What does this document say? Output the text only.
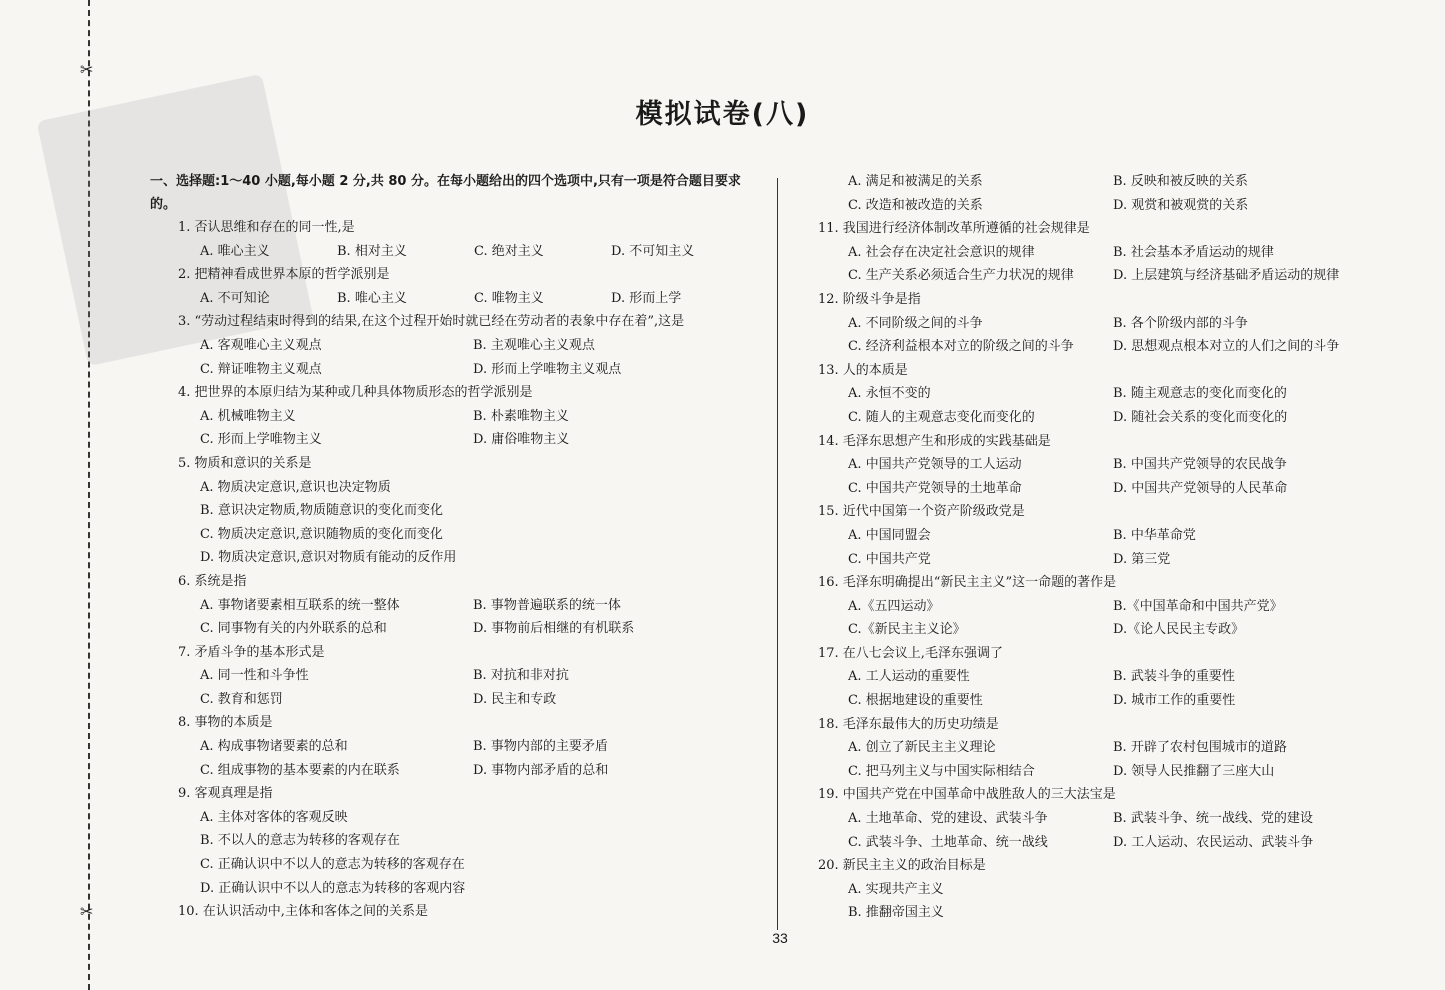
✂
✂
模拟试卷(八)
一、选择题:1～40 小题,每小题 2 分,共 80 分。在每小题给出的四个选项中,只有一项是符合题目要求的。
1. 否认思维和存在的同一性,是
A. 唯心主义	B. 相对主义	C. 绝对主义	D. 不可知主义
2. 把精神看成世界本原的哲学派别是
A. 不可知论	B. 唯心主义	C. 唯物主义	D. 形而上学
3. “劳动过程结束时得到的结果,在这个过程开始时就已经在劳动者的表象中存在着”,这是
A. 客观唯心主义观点	B. 主观唯心主义观点
C. 辩证唯物主义观点	D. 形而上学唯物主义观点
4. 把世界的本原归结为某种或几种具体物质形态的哲学派别是
A. 机械唯物主义	B. 朴素唯物主义
C. 形而上学唯物主义	D. 庸俗唯物主义
5. 物质和意识的关系是
A. 物质决定意识,意识也决定物质
B. 意识决定物质,物质随意识的变化而变化
C. 物质决定意识,意识随物质的变化而变化
D. 物质决定意识,意识对物质有能动的反作用
6. 系统是指
A. 事物诸要素相互联系的统一整体	B. 事物普遍联系的统一体
C. 同事物有关的内外联系的总和	D. 事物前后相继的有机联系
7. 矛盾斗争的基本形式是
A. 同一性和斗争性	B. 对抗和非对抗
C. 教育和惩罚	D. 民主和专政
8. 事物的本质是
A. 构成事物诸要素的总和	B. 事物内部的主要矛盾
C. 组成事物的基本要素的内在联系	D. 事物内部矛盾的总和
9. 客观真理是指
A. 主体对客体的客观反映
B. 不以人的意志为转移的客观存在
C. 正确认识中不以人的意志为转移的客观存在
D. 正确认识中不以人的意志为转移的客观内容
10. 在认识活动中,主体和客体之间的关系是
A. 满足和被满足的关系	B. 反映和被反映的关系
C. 改造和被改造的关系	D. 观赏和被观赏的关系
11. 我国进行经济体制改革所遵循的社会规律是
A. 社会存在决定社会意识的规律	B. 社会基本矛盾运动的规律
C. 生产关系必须适合生产力状况的规律	D. 上层建筑与经济基础矛盾运动的规律
12. 阶级斗争是指
A. 不同阶级之间的斗争	B. 各个阶级内部的斗争
C. 经济利益根本对立的阶级之间的斗争	D. 思想观点根本对立的人们之间的斗争
13. 人的本质是
A. 永恒不变的	B. 随主观意志的变化而变化的
C. 随人的主观意志变化而变化的	D. 随社会关系的变化而变化的
14. 毛泽东思想产生和形成的实践基础是
A. 中国共产党领导的工人运动	B. 中国共产党领导的农民战争
C. 中国共产党领导的土地革命	D. 中国共产党领导的人民革命
15. 近代中国第一个资产阶级政党是
A. 中国同盟会	B. 中华革命党
C. 中国共产党	D. 第三党
16. 毛泽东明确提出“新民主主义”这一命题的著作是
A.《五四运动》	B.《中国革命和中国共产党》
C.《新民主主义论》	D.《论人民民主专政》
17. 在八七会议上,毛泽东强调了
A. 工人运动的重要性	B. 武装斗争的重要性
C. 根据地建设的重要性	D. 城市工作的重要性
18. 毛泽东最伟大的历史功绩是
A. 创立了新民主主义理论	B. 开辟了农村包围城市的道路
C. 把马列主义与中国实际相结合	D. 领导人民推翻了三座大山
19. 中国共产党在中国革命中战胜敌人的三大法宝是
A. 土地革命、党的建设、武装斗争	B. 武装斗争、统一战线、党的建设
C. 武装斗争、土地革命、统一战线	D. 工人运动、农民运动、武装斗争
20. 新民主主义的政治目标是
A. 实现共产主义
B. 推翻帝国主义
33
